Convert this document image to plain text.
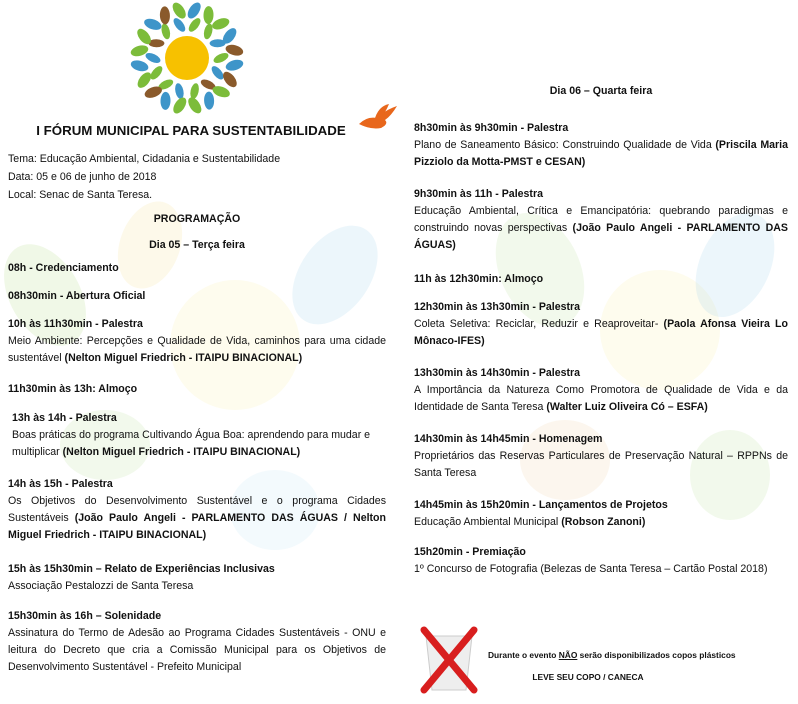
I FÓRUM MUNICIPAL PARA SUSTENTABILIDADE

Tema: Educação Ambiental, Cidadania e Sustentabilidade

Data: 05 e 06 de junho de 2018

Local: Senac de Santa Teresa.

PROGRAMAÇÃO

Dia 05 – Terça feira

08h - Credenciamento

08h30min - Abertura Oficial

10h às 11h30min - Palestra

Meio Ambiente: Percepções e Qualidade de Vida, caminhos para uma cidade sustentável (Nelton Miguel Friedrich - ITAIPU BINACIONAL)

11h30min às 13h: Almoço

13h às 14h - Palestra

Boas práticas do programa Cultivando Água Boa: aprendendo para mudar e multiplicar (Nelton Miguel Friedrich - ITAIPU BINACIONAL)

14h às 15h - Palestra

Os Objetivos do Desenvolvimento Sustentável e o programa Cidades Sustentáveis (João Paulo Angeli - PARLAMENTO DAS ÁGUAS / Nelton Miguel Friedrich - ITAIPU BINACIONAL)

15h às 15h30min – Relato de Experiências Inclusivas

Associação Pestalozzi de Santa Teresa

15h30min às 16h – Solenidade

Assinatura do Termo de Adesão ao Programa Cidades Sustentáveis - ONU e leitura do Decreto que cria a Comissão Municipal para os Objetivos de Desenvolvimento Sustentável - Prefeito Municipal

Dia 06 – Quarta feira

8h30min às 9h30min - Palestra

Plano de Saneamento Básico: Construindo Qualidade de Vida (Priscila Maria Pizziolo da Motta-PMST e CESAN)

9h30min às 11h - Palestra

Educação Ambiental, Crítica e Emancipatória: quebrando paradigmas e construindo novas perspectivas (João Paulo Angeli - PARLAMENTO DAS ÁGUAS)

11h às 12h30min: Almoço

12h30min às 13h30min - Palestra

Coleta Seletiva: Reciclar, Reduzir e Reaproveitar- (Paola Afonsa Vieira Lo Mônaco-IFES)

13h30min às 14h30min - Palestra

A Importância da Natureza Como Promotora de Qualidade de Vida e da Identidade de Santa Teresa (Walter Luiz Oliveira Có – ESFA)

14h30min às 14h45min - Homenagem

Proprietários das Reservas Particulares de Preservação Natural – RPPNs de Santa Teresa

14h45min às 15h20min - Lançamentos de Projetos

Educação Ambiental Municipal (Robson Zanoni)

15h20min - Premiação

1º Concurso de Fotografia (Belezas de Santa Teresa – Cartão Postal 2018)

Durante o evento NÃO serão disponibilizados copos plásticos
LEVE SEU COPO / CANECA
